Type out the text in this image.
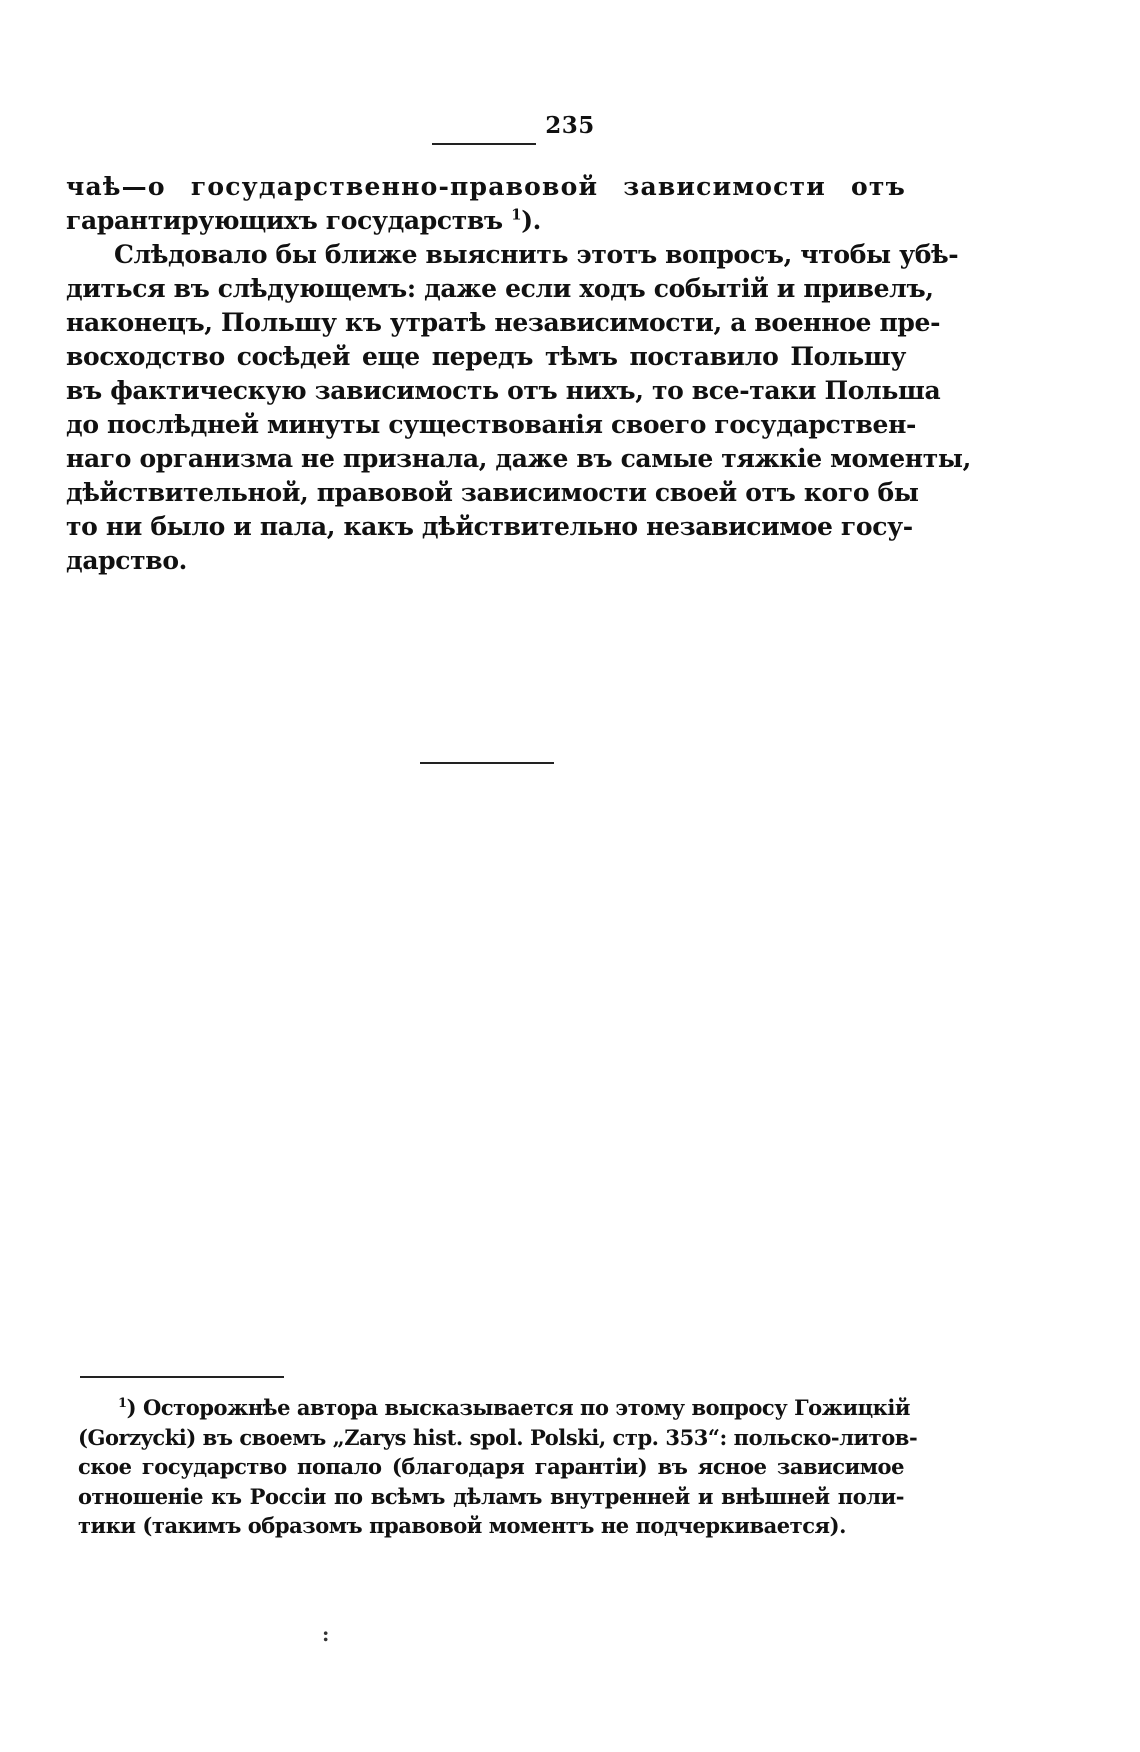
235
чаѣ—о государственно-правовой зависимости отъ
гарантирующихъ государствъ $^1$).
Слѣдовало бы ближе выяснить этотъ вопросъ, чтобы убѣ-
диться въ слѣдующемъ: даже если ходъ событій и привелъ,
наконецъ, Польшу къ утратѣ независимости, а военное пре-
восходство сосѣдей еще передъ тѣмъ поставило Польшу
въ фактическую зависимость отъ нихъ, то все-таки Польша
до послѣдней минуты существованія своего государствен-
наго организма не признала, даже въ самые тяжкіе моменты,
дѣйствительной, правовой зависимости своей отъ кого бы
то ни было и пала, какъ дѣйствительно независимое госу-
дарство.
$^1$) Осторожнѣе автора высказывается по этому вопросу Гожицкій
(Gorzycki) въ своемъ „Zarys hist. spol. Polski, стр. 353“: польско-литов-
ское государство попало (благодаря гарантіи) въ ясное зависимое
отношеніе къ Россіи по всѣмъ дѣламъ внутренней и внѣшней поли-
тики (такимъ образомъ правовой моментъ не подчеркивается).
:
